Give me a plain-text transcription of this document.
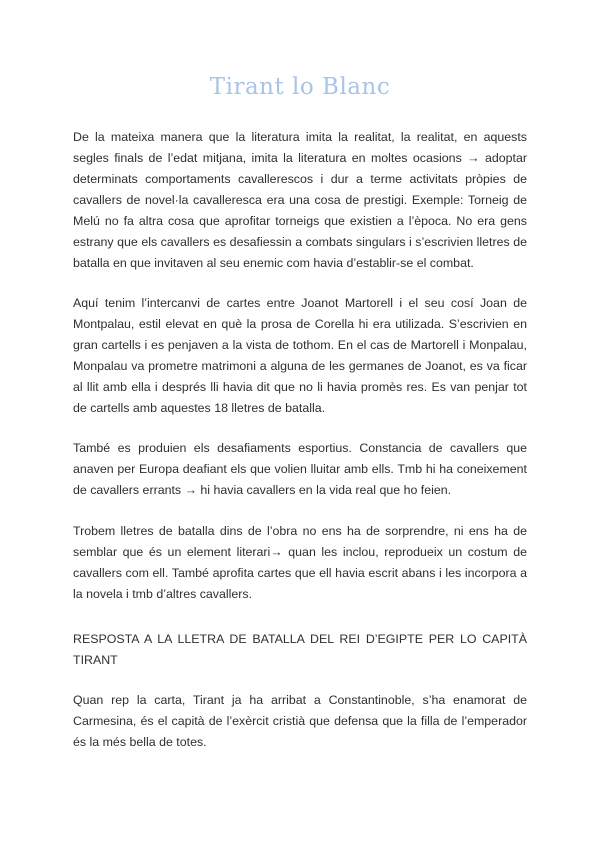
Tirant lo Blanc

De la mateixa manera que la literatura imita la realitat, la realitat, en aquests segles finals de l’edat mitjana, imita la literatura en moltes ocasions → adoptar determinats comportaments cavallerescos i dur a terme activitats pròpies de cavallers de novel·la cavalleresca era una cosa de prestigi. Exemple: Torneig de Melú no fa altra cosa que aprofitar torneigs que existien a l’època. No era gens estrany que els cavallers es desafiessin a combats singulars i s’escrivien lletres de batalla en que invitaven al seu enemic com havia d’establir-se el combat.

Aquí tenim l’intercanvi de cartes entre Joanot Martorell i el seu cosí Joan de Montpalau, estil elevat en què la prosa de Corella hi era utilizada. S’escrivien en gran cartells i es penjaven a la vista de tothom. En el cas de Martorell i Monpalau, Monpalau va prometre matrimoni a alguna de les germanes de Joanot, es va ficar al llit amb ella i després lli havia dit que no li havia promès res. Es van penjar tot de cartells amb aquestes 18 lletres de batalla.

També es produien els desafiaments esportius. Constancia de cavallers que anaven per Europa deafiant els que volien lluitar amb ells. Tmb hi ha coneixement de cavallers errants → hi havia cavallers en la vida real que ho feien.

Trobem lletres de batalla dins de l’obra no ens ha de sorprendre, ni ens ha de semblar que és un element literari→ quan les inclou, reprodueix un costum de cavallers com ell. També aprofita cartes que ell havia escrit abans i les incorpora a la novela i tmb d’altres cavallers.

RESPOSTA A LA LLETRA DE BATALLA DEL REI D’EGIPTE PER LO CAPITÀ TIRANT

Quan rep la carta, Tirant ja ha arribat a Constantinoble, s’ha enamorat de Carmesina, és el capità de l’exèrcit cristià que defensa que la filla de l’emperador és la més bella de totes.
